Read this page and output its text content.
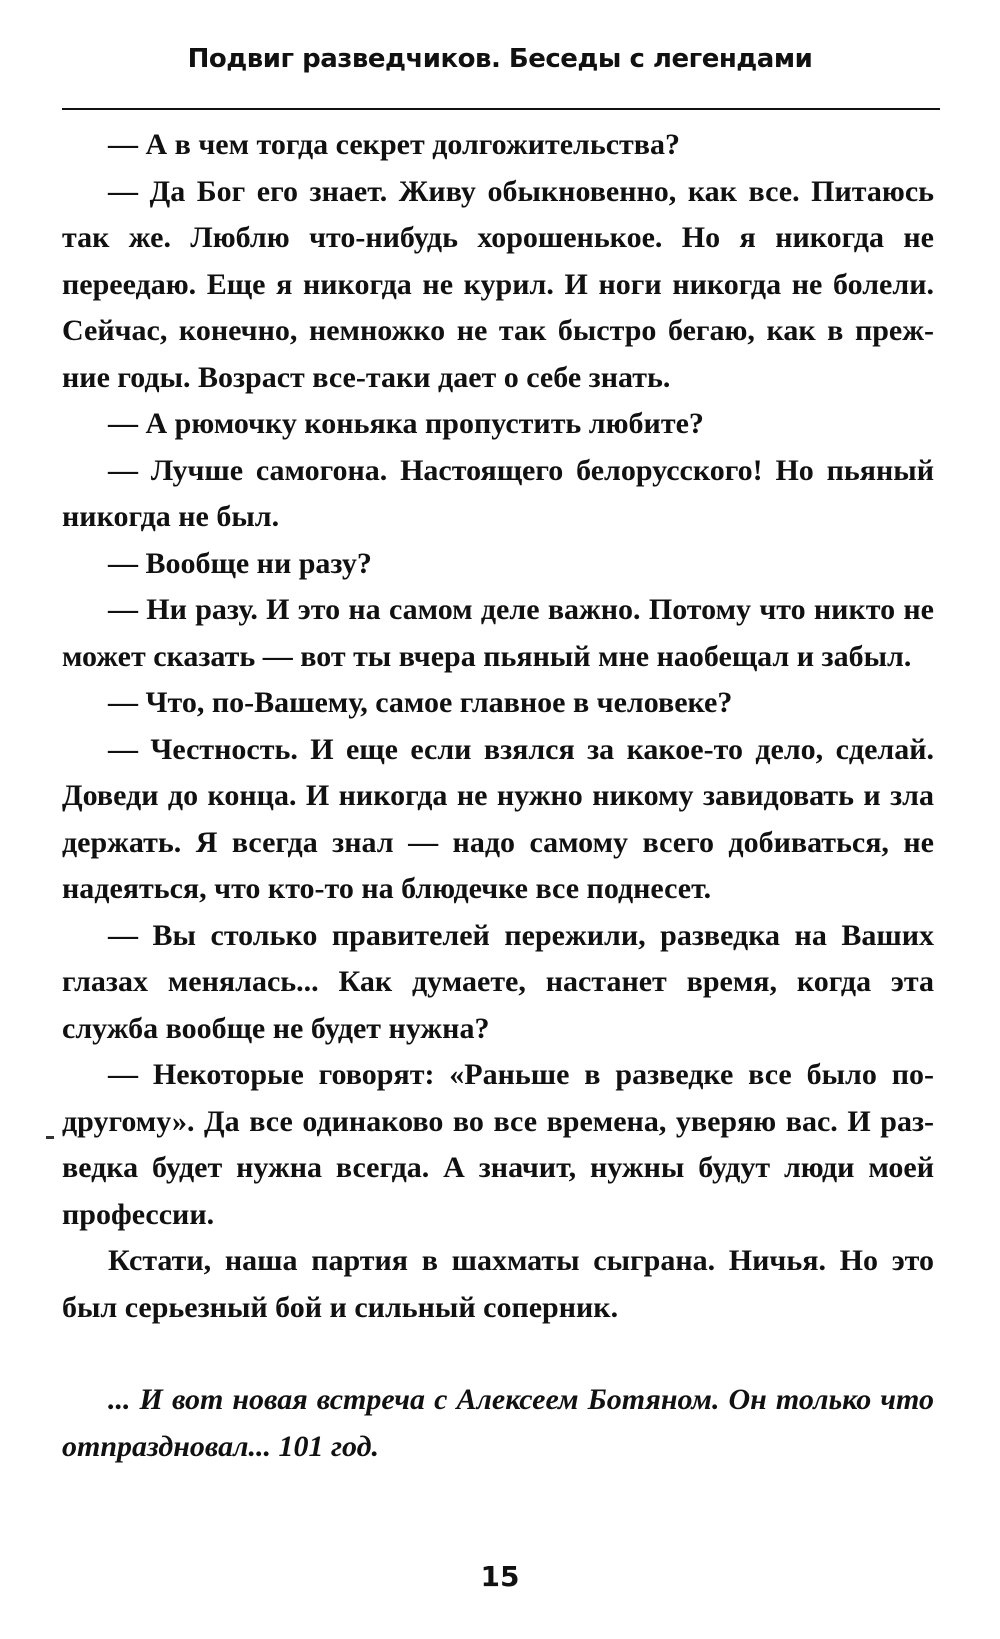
Подвиг разведчиков. Беседы с легендами

— А в чем тогда секрет долгожительства?

— Да Бог его знает. Живу обыкновенно, как все. Питаюсь так же. Люблю что-нибудь хорошенькое. Но я никогда не переедаю. Еще я никогда не курил. И ноги никогда не болели. Сейчас, конечно, немножко не так быстро бегаю, как в прежние годы. Возраст все-таки дает о себе знать.

— А рюмочку коньяка пропустить любите?

— Лучше самогона. Настоящего белорусского! Но пьяный никогда не был.

— Вообще ни разу?

— Ни разу. И это на самом деле важно. Потому что никто не может сказать — вот ты вчера пьяный мне наобещал и забыл.

— Что, по-Вашему, самое главное в человеке?

— Честность. И еще если взялся за какое-то дело, сделай. Доведи до конца. И никогда не нужно никому завидовать и зла держать. Я всегда знал — надо самому всего добиваться, не надеяться, что кто-то на блюдечке все поднесет.

— Вы столько правителей пережили, разведка на Ваших глазах менялась... Как думаете, настанет время, когда эта служба вообще не будет нужна?

— Некоторые говорят: «Раньше в разведке все было по-другому». Да все одинаково во все времена, уверяю вас. И разведка будет нужна всегда. А значит, нужны будут люди моей профессии.

Кстати, наша партия в шахматы сыграна. Ничья. Но это был серьезный бой и сильный соперник.

... И вот новая встреча с Алексеем Ботяном. Он только что отпраздновал... 101 год.

15
